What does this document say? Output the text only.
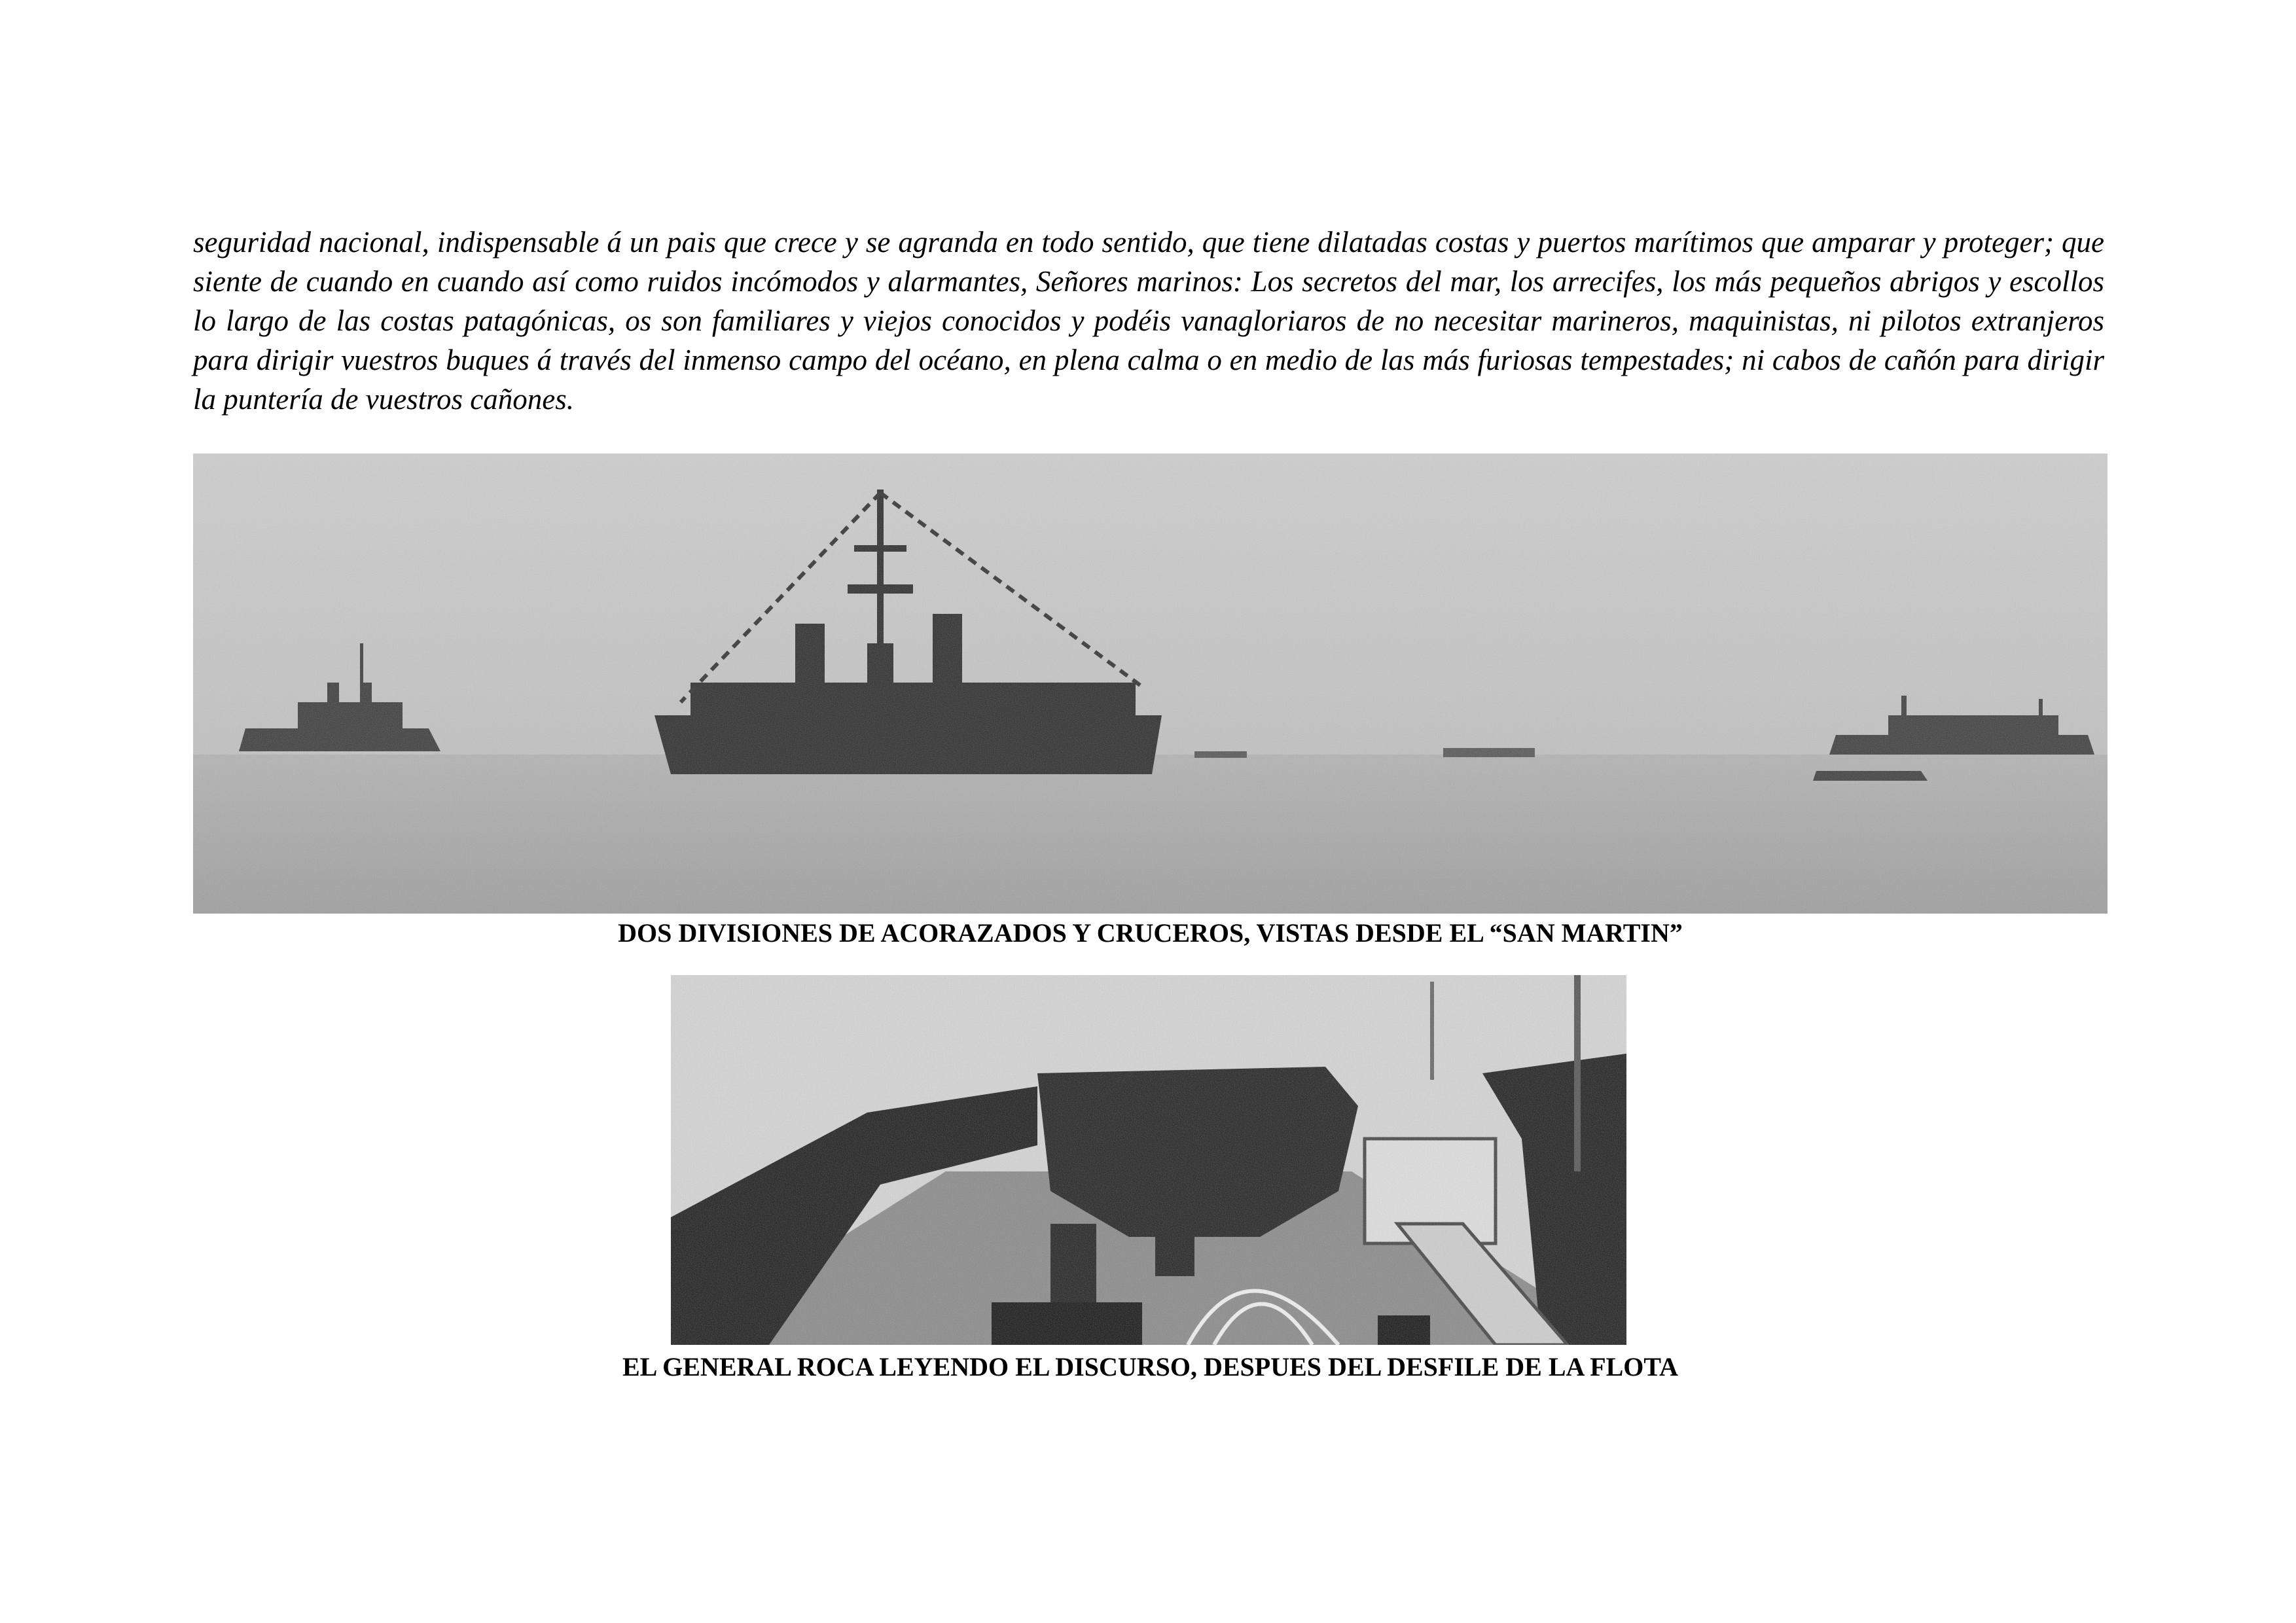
seguridad nacional, indispensable á un pais que crece y se agranda en todo sentido, que tiene dilatadas costas y puertos marítimos que amparar y proteger; que siente de cuando en cuando así como ruidos incómodos y alarmantes, Señores marinos: Los secretos del mar, los arrecifes, los más pequeños abrigos y escollos lo largo de las costas patagónicas, os son familiares y viejos conocidos y podéis vanagloriaros de no necesitar marineros, maquinistas, ni pilotos extranjeros para dirigir vuestros buques á través del inmenso campo del océano, en plena calma o en medio de las más furiosas tempestades; ni cabos de cañón para dirigir la puntería de vuestros cañones.

DOS DIVISIONES DE ACORAZADOS Y CRUCEROS, VISTAS DESDE EL “SAN MARTIN”

EL GENERAL ROCA LEYENDO EL DISCURSO, DESPUES DEL DESFILE DE LA FLOTA
